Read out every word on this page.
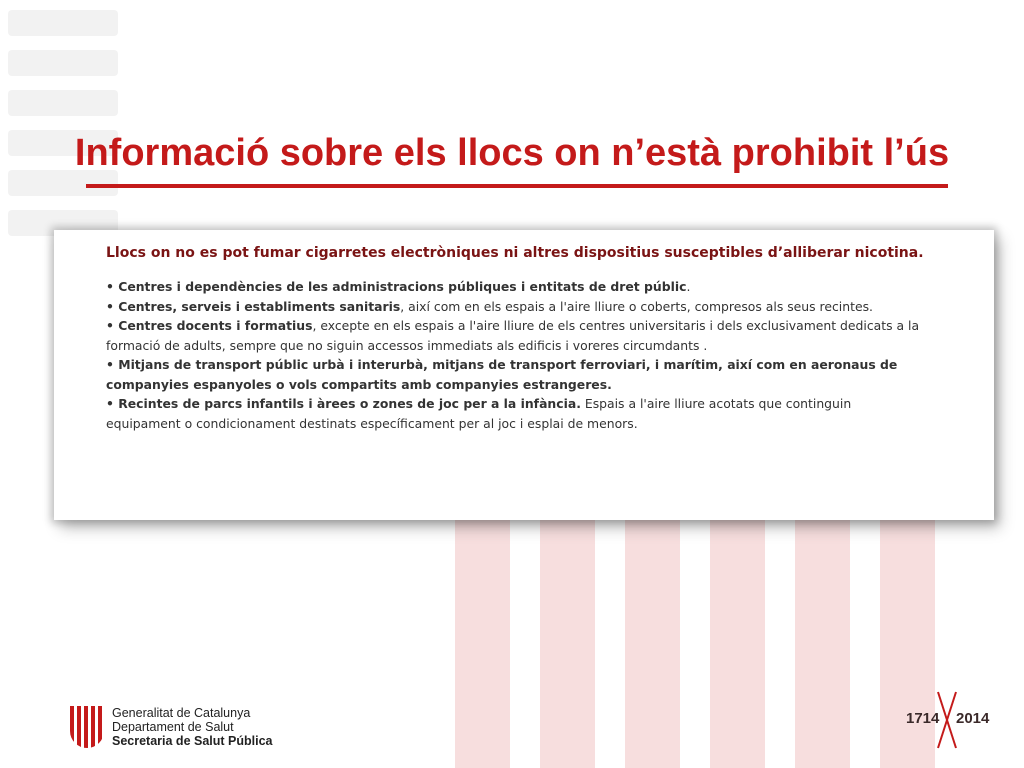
Informació sobre els llocs on n’està prohibit l’ús

Llocs on no es pot fumar cigarretes electròniques ni altres dispositius susceptibles d’alliberar nicotina.

• Centres i dependències de les administracions públiques i entitats de dret públic.

• Centres, serveis i establiments sanitaris, així com en els espais a l'aire lliure o coberts, compresos als seus recintes.

• Centres docents i formatius, excepte en els espais a l'aire lliure de els centres universitaris i dels exclusivament dedicats a la formació de adults, sempre que no siguin accessos immediats als edificis i voreres circumdants .

• Mitjans de transport públic urbà i interurbà, mitjans de transport ferroviari, i marítim, així com en aeronaus de companyies espanyoles o vols compartits amb companyies estrangeres.

• Recintes de parcs infantils i àrees o zones de joc per a la infància. Espais a l'aire lliure acotats que continguin equipament o condicionament destinats específicament per al joc i esplai de menors.

Generalitat de Catalunya
Departament de Salut
Secretaria de Salut Pública
1714 2014
